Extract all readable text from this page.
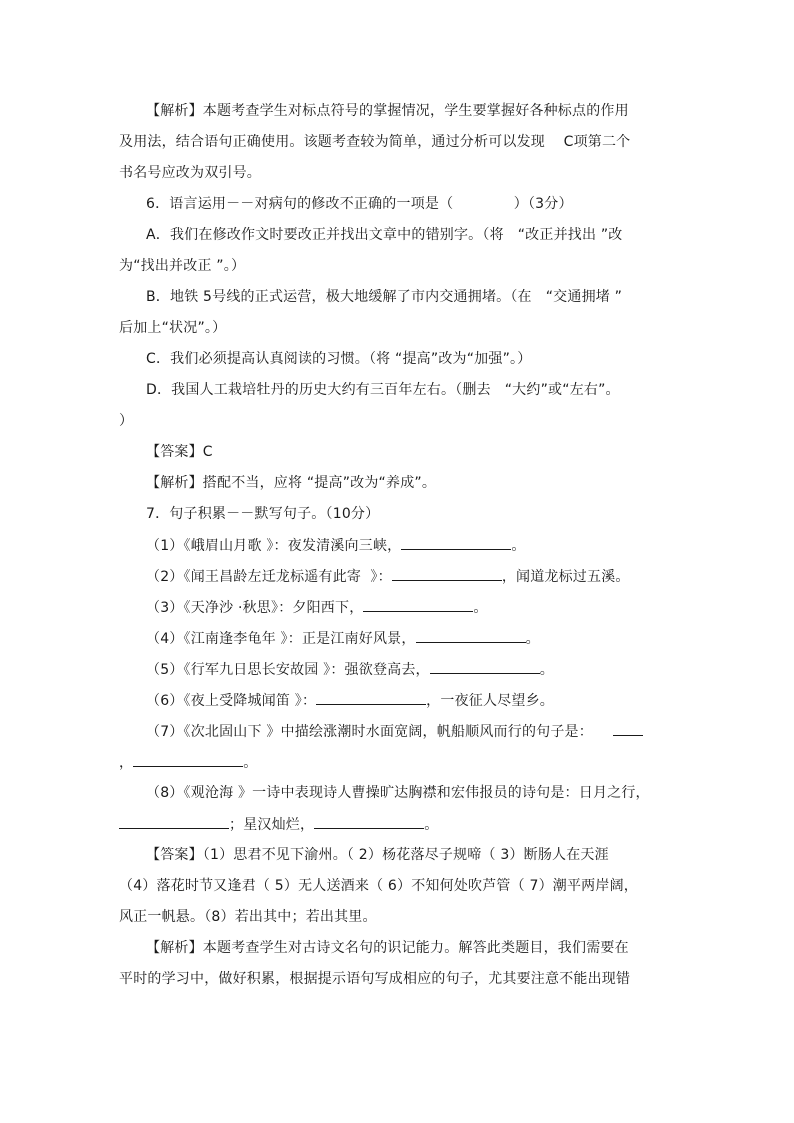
【解析】本题考查学生对标点符号的掌握情况，学生要掌握好各种标点的作用
及用法，结合语句正确使用。该题考查较为简单，通过分析可以发现    C项第二个
书名号应改为双引号。
6．语言运用－－对病句的修改不正确的一项是（             ）（3分）
A．我们在修改作文时要改正并找出文章中的错别字。（将   “改正并找出 ”改
为“找出并改正 ”。）
B．地铁 5号线的正式运营，极大地缓解了市内交通拥堵。（在   “交通拥堵 ”
后加上“状况”。）
C．我们必须提高认真阅读的习惯。（将 “提高”改为“加强”。）
D．我国人工栽培牡丹的历史大约有三百年左右。（删去   “大约”或“左右”。
）
【答案】C
【解析】搭配不当，应将 “提高”改为“养成”。
7．句子积累－－默写句子。（10分）
（1）《峨眉山月歌 》：夜发清溪向三峡，	。
（2）《闻王昌龄左迁龙标遥有此寄  》：	，闻道龙标过五溪。
（3）《天净沙 ·秋思》：夕阳西下，	。
（4）《江南逢李龟年 》：正是江南好风景，	。
（5）《行军九日思长安故园 》：强欲登高去，	。
（6）《夜上受降城闻笛 》：	，一夜征人尽望乡。
（7）《次北固山下 》中描绘涨潮时水面宽阔，帆船顺风而行的句子是：
，	。
（8）《观沧海 》一诗中表现诗人曹操旷达胸襟和宏伟报员的诗句是：日月之行，
；星汉灿烂，	。
【答案】（1）思君不见下渝州。（ 2）杨花落尽子规啼（ 3）断肠人在天涯
（4）落花时节又逢君（ 5）无人送酒来（ 6）不知何处吹芦管（ 7）潮平两岸阔，
风正一帆悬。（8）若出其中；若出其里。
【解析】本题考查学生对古诗文名句的识记能力。解答此类题目，我们需要在
平时的学习中，做好积累，根据提示语句写成相应的句子，尤其要注意不能出现错
